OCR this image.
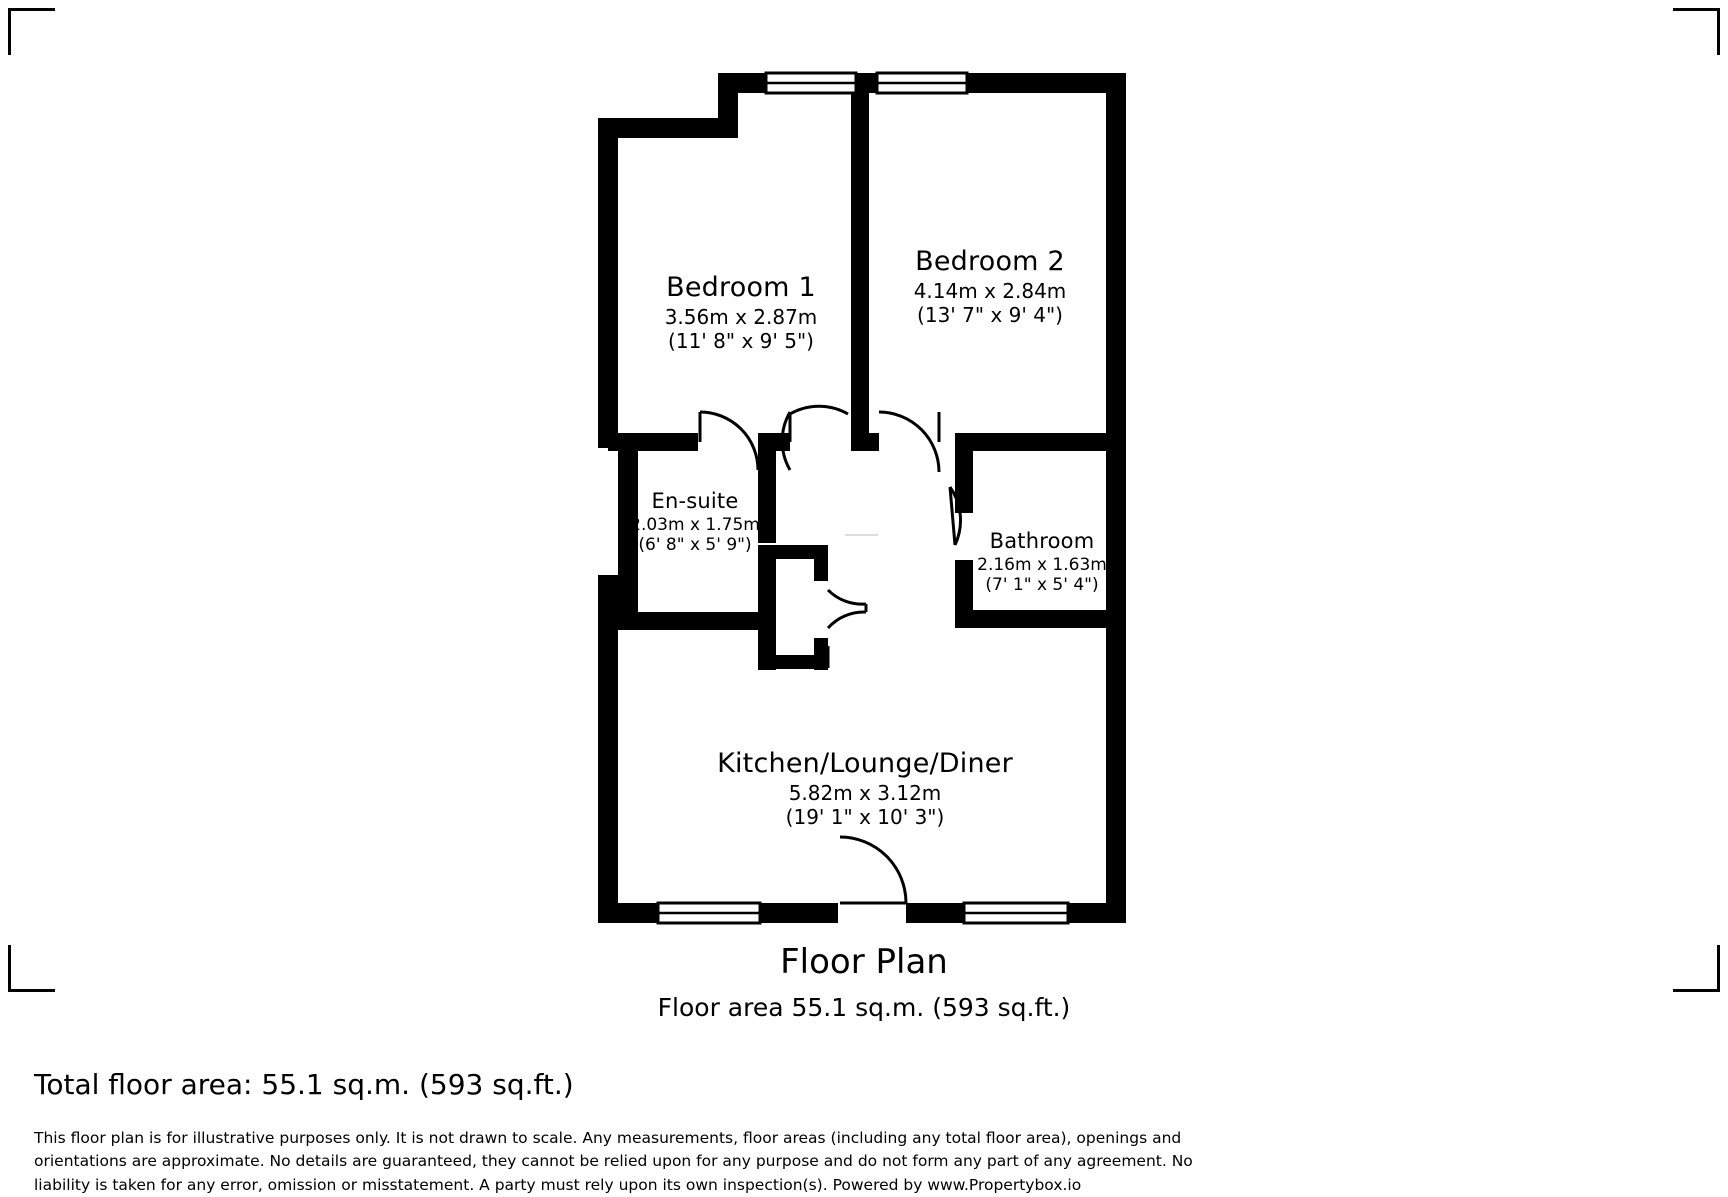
Bedroom 1
3.56m x 2.87m
(11' 8" x 9' 5")
Bedroom 2
4.14m x 2.84m
(13' 7" x 9' 4")
En-suite
2.03m x 1.75m
(6' 8" x 5' 9")	Bathroom
2.16m x 1.63m
(7' 1" x 5' 4")
Kitchen/Lounge/Diner
5.82m x 3.12m
(19' 1" x 10' 3")
Floor Plan
Floor area 55.1 sq.m. (593 sq.ft.)
Total floor area: 55.1 sq.m. (593 sq.ft.)
This floor plan is for illustrative purposes only. It is not drawn to scale. Any measurements, floor areas (including any total floor area), openings and orientations are approximate. No details are guaranteed, they cannot be relied upon for any purpose and do not form any part of any agreement. No liability is taken for any error, omission or misstatement. A party must rely upon its own inspection(s). Powered by www.Propertybox.io
